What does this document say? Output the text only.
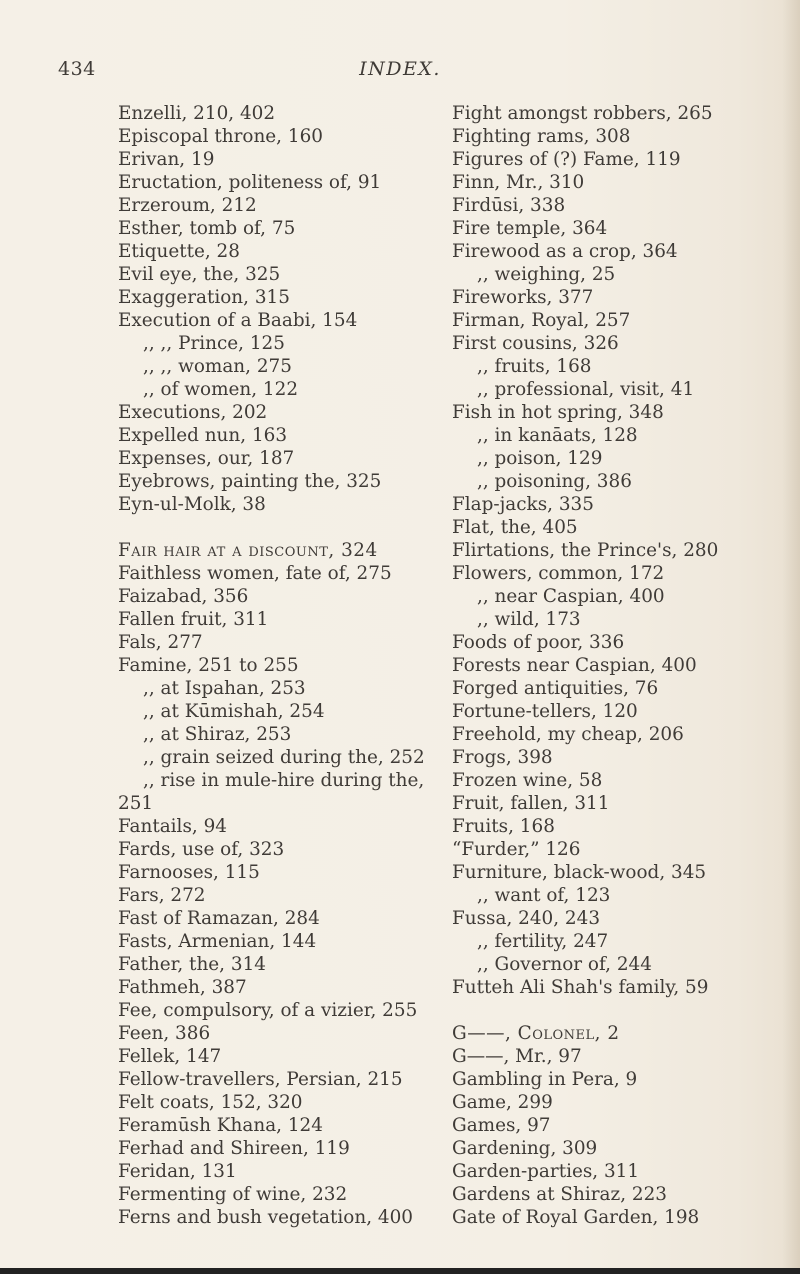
434	INDEX.
Enzelli, 210, 402
Episcopal throne, 160
Erivan, 19
Eructation, politeness of, 91
Erzeroum, 212
Esther, tomb of, 75
Etiquette, 28
Evil eye, the, 325
Exaggeration, 315
Execution of a Baabi, 154
,, ,, Prince, 125
,, ,, woman, 275
,, of women, 122
Executions, 202
Expelled nun, 163
Expenses, our, 187
Eyebrows, painting the, 325
Eyn-ul-Molk, 38
Fair hair at a discount, 324
Faithless women, fate of, 275
Faizabad, 356
Fallen fruit, 311
Fals, 277
Famine, 251 to 255
,, at Ispahan, 253
,, at Kūmishah, 254
,, at Shiraz, 253
,, grain seized during the, 252
,, rise in mule-hire during the,
251
Fantails, 94
Fards, use of, 323
Farnooses, 115
Fars, 272
Fast of Ramazan, 284
Fasts, Armenian, 144
Father, the, 314
Fathmeh, 387
Fee, compulsory, of a vizier, 255
Feen, 386
Fellek, 147
Fellow-travellers, Persian, 215
Felt coats, 152, 320
Feramūsh Khana, 124
Ferhad and Shireen, 119
Feridan, 131
Fermenting of wine, 232
Ferns and bush vegetation, 400
Fight amongst robbers, 265
Fighting rams, 308
Figures of (?) Fame, 119
Finn, Mr., 310
Firdūsi, 338
Fire temple, 364
Firewood as a crop, 364
,, weighing, 25
Fireworks, 377
Firman, Royal, 257
First cousins, 326
,, fruits, 168
,, professional, visit, 41
Fish in hot spring, 348
,, in kanāats, 128
,, poison, 129
,, poisoning, 386
Flap-jacks, 335
Flat, the, 405
Flirtations, the Prince's, 280
Flowers, common, 172
,, near Caspian, 400
,, wild, 173
Foods of poor, 336
Forests near Caspian, 400
Forged antiquities, 76
Fortune-tellers, 120
Freehold, my cheap, 206
Frogs, 398
Frozen wine, 58
Fruit, fallen, 311
Fruits, 168
“Furder,” 126
Furniture, black-wood, 345
,, want of, 123
Fussa, 240, 243
,, fertility, 247
,, Governor of, 244
Futteh Ali Shah's family, 59
G——, Colonel, 2
G——, Mr., 97
Gambling in Pera, 9
Game, 299
Games, 97
Gardening, 309
Garden-parties, 311
Gardens at Shiraz, 223
Gate of Royal Garden, 198
